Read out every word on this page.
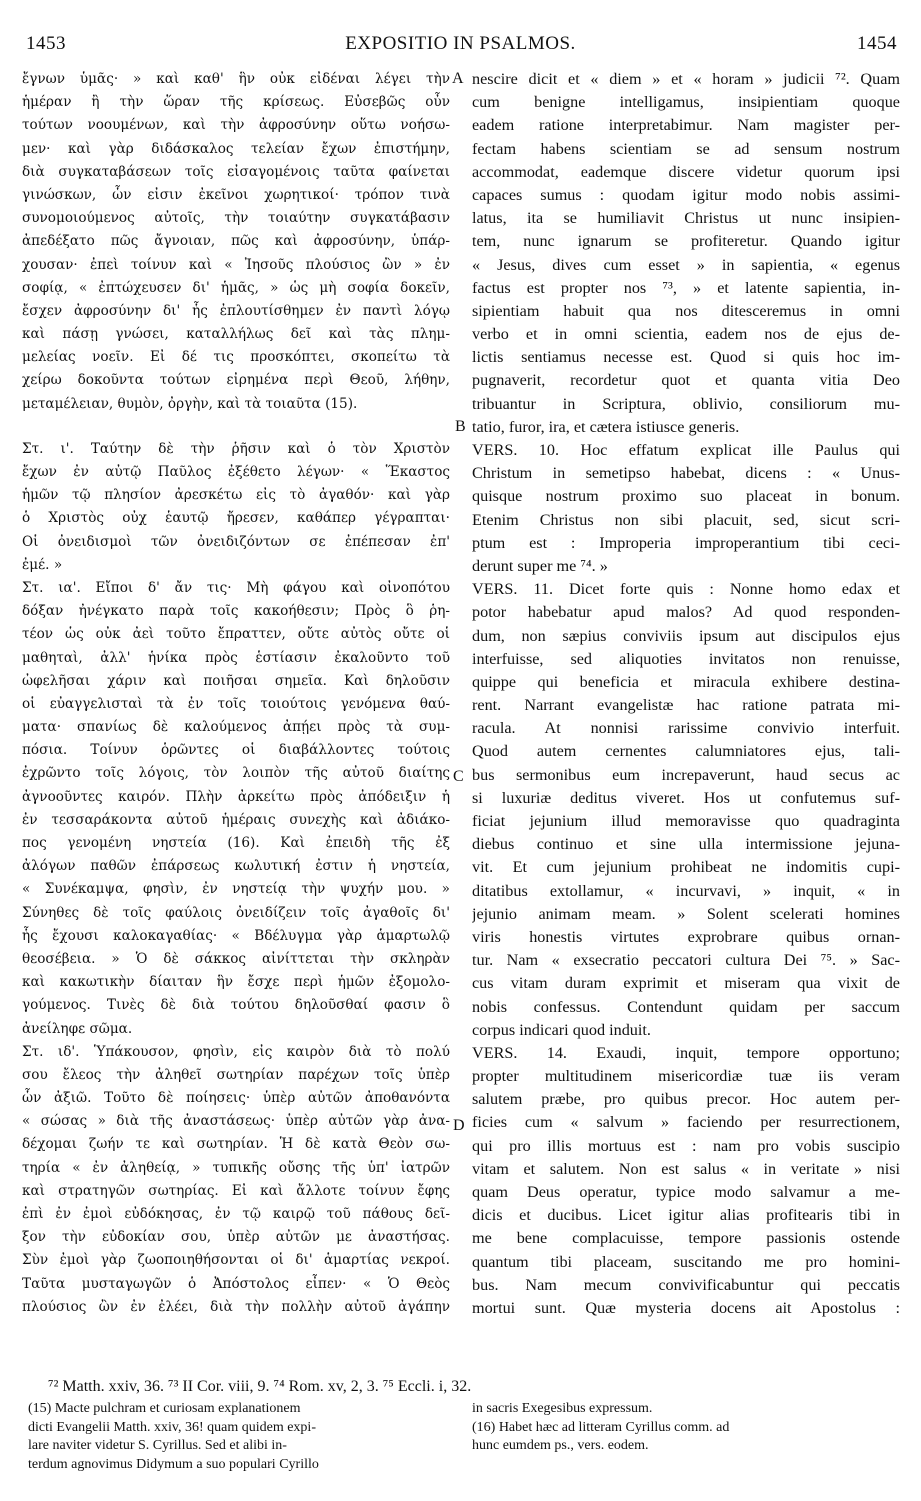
1453	EXPOSITIO IN PSALMOS.	1454
ἔγνων ὑμᾶς· » καὶ καθ' ἣν οὐκ εἰδέναι λέγει τὴν
ἡμέραν ἢ τὴν ὥραν τῆς κρίσεως. Εὐσεβῶς οὖν
τούτων νοουμένων, καὶ τὴν ἀφροσύνην οὕτω νοήσω-
μεν· καὶ γὰρ διδάσκαλος τελείαν ἔχων ἐπιστήμην,
διὰ συγκαταβάσεων τοῖς εἰσαγομένοις ταῦτα φαίνεται
γινώσκων, ὧν εἰσιν ἐκεῖνοι χωρητικοί· τρόπον τινὰ
συνομοιούμενος αὐτοῖς, τὴν τοιαύτην συγκατάβασιν
ἀπεδέξατο πῶς ἄγνοιαν, πῶς καὶ ἀφροσύνην, ὑπάρ-
χουσαν· ἐπεὶ τοίνυν καὶ « Ἰησοῦς πλούσιος ὢν » ἐν
σοφίᾳ, « ἐπτώχευσεν δι' ἡμᾶς, » ὡς μὴ σοφία δοκεῖν,
ἔσχεν ἀφροσύνην δι' ἧς ἐπλουτίσθημεν ἐν παντὶ λόγῳ
καὶ πάσῃ γνώσει, καταλλήλως δεῖ καὶ τὰς πλημ-
μελείας νοεῖν. Εἰ δέ τις προσκόπτει, σκοπείτω τὰ
χείρω δοκοῦντα τούτων εἰρημένα περὶ Θεοῦ, λήθην,
μεταμέλειαν, θυμὸν, ὀργὴν, καὶ τὰ τοιαῦτα (15).
Στ. ι'. Ταύτην δὲ τὴν ῥῆσιν καὶ ὁ τὸν Χριστὸν
ἔχων ἐν αὐτῷ Παῦλος ἐξέθετο λέγων· « Ἕκαστος
ἡμῶν τῷ πλησίον ἀρεσκέτω εἰς τὸ ἀγαθόν· καὶ γὰρ
ὁ Χριστὸς οὐχ ἑαυτῷ ἤρεσεν, καθάπερ γέγραπται·
Οἱ ὀνειδισμοὶ τῶν ὀνειδιζόντων σε ἐπέπεσαν ἐπ'
ἐμέ. »
Στ. ια'. Εἴποι δ' ἄν τις· Μὴ φάγου καὶ οἰνοπότου
δόξαν ἠνέγκατο παρὰ τοῖς κακοήθεσιν; Πρὸς ὃ ῥη-
τέον ὡς οὐκ ἀεὶ τοῦτο ἔπραττεν, οὔτε αὐτὸς οὔτε οἱ
μαθηταὶ, ἀλλ' ἡνίκα πρὸς ἑστίασιν ἐκαλοῦντο τοῦ
ὠφελῆσαι χάριν καὶ ποιῆσαι σημεῖα. Καὶ δηλοῦσιν
οἱ εὐαγγελισταὶ τὰ ἐν τοῖς τοιούτοις γενόμενα θαύ-
ματα· σπανίως δὲ καλούμενος ἀπῄει πρὸς τὰ συμ-
πόσια. Τοίνυν ὁρῶντες οἱ διαβάλλοντες τούτοις
ἐχρῶντο τοῖς λόγοις, τὸν λοιπὸν τῆς αὐτοῦ διαίτης
ἀγνοοῦντες καιρόν. Πλὴν ἀρκείτω πρὸς ἀπόδειξιν ἡ
ἐν τεσσαράκοντα αὐτοῦ ἡμέραις συνεχὴς καὶ ἀδιάκο-
πος γενομένη νηστεία (16). Καὶ ἐπειδὴ τῆς ἐξ
ἀλόγων παθῶν ἐπάρσεως κωλυτική ἐστιν ἡ νηστεία,
« Συνέκαμψα, φησὶν, ἐν νηστείᾳ τὴν ψυχήν μου. »
Σύνηθες δὲ τοῖς φαύλοις ὀνειδίζειν τοῖς ἀγαθοῖς δι'
ἧς ἔχουσι καλοκαγαθίας· « Βδέλυγμα γὰρ ἁμαρτωλῷ
θεοσέβεια. » Ὁ δὲ σάκκος αἰνίττεται τὴν σκληρὰν
καὶ κακωτικὴν δίαιταν ἣν ἔσχε περὶ ἡμῶν ἐξομολο-
γούμενος. Τινὲς δὲ διὰ τούτου δηλοῦσθαί φασιν ὃ
ἀνείληφε σῶμα.
Στ. ιδ'. Ὑπάκουσον, φησὶν, εἰς καιρὸν διὰ τὸ πολύ
σου ἔλεος τὴν ἀληθεῖ σωτηρίαν παρέχων τοῖς ὑπὲρ
ὧν ἀξιῶ. Τοῦτο δὲ ποίησεις· ὑπὲρ αὐτῶν ἀποθανόντα
« σώσας » διὰ τῆς ἀναστάσεως· ὑπὲρ αὐτῶν γὰρ ἀνα-
δέχομαι ζωήν τε καὶ σωτηρίαν. Ἡ δὲ κατὰ Θεὸν σω-
τηρία « ἐν ἀληθείᾳ, » τυπικῆς οὔσης τῆς ὑπ' ἰατρῶν
καὶ στρατηγῶν σωτηρίας. Εἰ καὶ ἄλλοτε τοίνυν ἔφης
ἐπὶ ἐν ἐμοὶ εὐδόκησας, ἐν τῷ καιρῷ τοῦ πάθους δεῖ-
ξον τὴν εὐδοκίαν σου, ὑπὲρ αὐτῶν με ἀναστήσας.
Σὺν ἐμοὶ γὰρ ζωοποιηθήσονται οἱ δι' ἁμαρτίας νεκροί.
Ταῦτα μυσταγωγῶν ὁ Ἀπόστολος εἶπεν· « Ὁ Θεὸς
πλούσιος ὢν ἐν ἐλέει, διὰ τὴν πολλὴν αὐτοῦ ἀγάπην
nescire dicit et « diem » et « horam » judicii ⁷². Quam
cum benigne intelligamus, insipientiam quoque
eadem ratione interpretabimur. Nam magister per-
fectam habens scientiam se ad sensum nostrum
accommodat, eademque discere videtur quorum ipsi
capaces sumus : quodam igitur modo nobis assimi-
latus, ita se humiliavit Christus ut nunc insipien-
tem, nunc ignarum se profiteretur. Quando igitur
« Jesus, dives cum esset » in sapientia, « egenus
factus est propter nos ⁷³, » et latente sapientia, in-
sipientiam habuit qua nos ditesceremus in omni
verbo et in omni scientia, eadem nos de ejus de-
lictis sentiamus necesse est. Quod si quis hoc im-
pugnaverit, recordetur quot et quanta vitia Deo
tribuantur in Scriptura, oblivio, consiliorum mu-
tatio, furor, ira, et cætera istiusce generis.
VERS. 10. Hoc effatum explicat ille Paulus qui
Christum in semetipso habebat, dicens : « Unus-
quisque nostrum proximo suo placeat in bonum.
Etenim Christus non sibi placuit, sed, sicut scri-
ptum est : Improperia improperantium tibi ceci-
derunt super me ⁷⁴. »
VERS. 11. Dicet forte quis : Nonne homo edax et
potor habebatur apud malos? Ad quod responden-
dum, non sæpius conviviis ipsum aut discipulos ejus
interfuisse, sed aliquoties invitatos non renuisse,
quippe qui beneficia et miracula exhibere destina-
rent. Narrant evangelistæ hac ratione patrata mi-
racula. At nonnisi rarissime convivio interfuit.
Quod autem cernentes calumniatores ejus, tali-
bus sermonibus eum increpaverunt, haud secus ac
si luxuriæ deditus viveret. Hos ut confutemus suf-
ficiat jejunium illud memoravisse quo quadraginta
diebus continuo et sine ulla intermissione jejuna-
vit. Et cum jejunium prohibeat ne indomitis cupi-
ditatibus extollamur, « incurvavi, » inquit, « in
jejunio animam meam. » Solent scelerati homines
viris honestis virtutes exprobrare quibus ornan-
tur. Nam « exsecratio peccatori cultura Dei ⁷⁵. » Sac-
cus vitam duram exprimit et miseram qua vixit de
nobis confessus. Contendunt quidam per saccum
corpus indicari quod induit.
VERS. 14. Exaudi, inquit, tempore opportuno;
propter multitudinem misericordiæ tuæ iis veram
salutem præbe, pro quibus precor. Hoc autem per-
ficies cum « salvum » faciendo per resurrectionem,
qui pro illis mortuus est : nam pro vobis suscipio
vitam et salutem. Non est salus « in veritate » nisi
quam Deus operatur, typice modo salvamur a me-
dicis et ducibus. Licet igitur alias profitearis tibi in
me bene complacuisse, tempore passionis ostende
quantum tibi placeam, suscitando me pro homini-
bus. Nam mecum convivificabuntur qui peccatis
mortui sunt. Quæ mysteria docens ait Apostolus :
A
B
C
D
⁷² Matth. xxiv, 36. ⁷³ II Cor. viii, 9. ⁷⁴ Rom. xv, 2, 3. ⁷⁵ Eccli. i, 32.
(15) Macte pulchram et curiosam explanationem
dicti Evangelii Matth. xxiv, 36! quam quidem expi-
lare naviter videtur S. Cyrillus. Sed et alibi in-
terdum agnovimus Didymum a suo populari Cyrillo
in sacris Exegesibus expressum.
(16) Habet hæc ad litteram Cyrillus comm. ad
hunc eumdem ps., vers. eodem.
